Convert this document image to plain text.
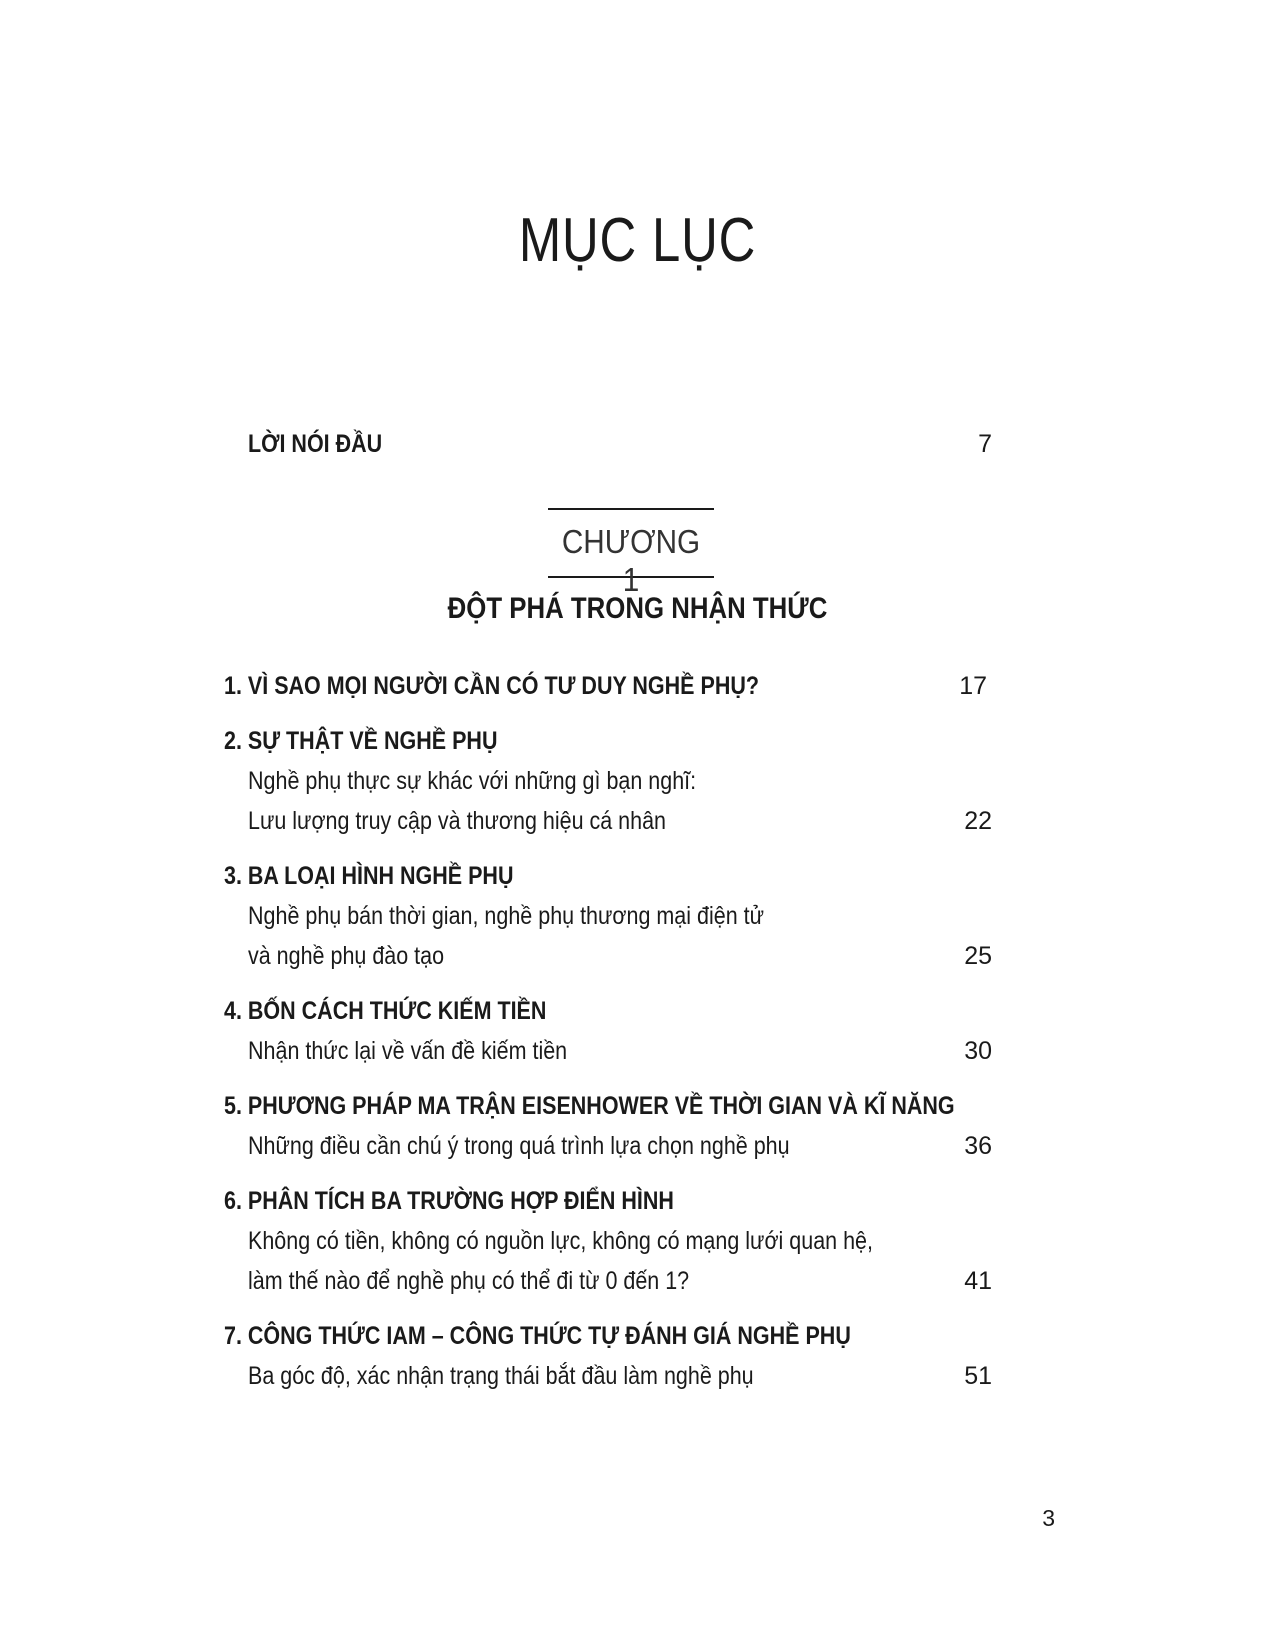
MỤC LỤC
LỜI NÓI ĐẦU	7
CHƯƠNG 1
ĐỘT PHÁ TRONG NHẬN THỨC
1. VÌ SAO MỌI NGƯỜI CẦN CÓ TƯ DUY NGHỀ PHỤ?	17
2. SỰ THẬT VỀ NGHỀ PHỤ
Nghề phụ thực sự khác với những gì bạn nghĩ:
Lưu lượng truy cập và thương hiệu cá nhân	22
3. BA LOẠI HÌNH NGHỀ PHỤ
Nghề phụ bán thời gian, nghề phụ thương mại điện tử
và nghề phụ đào tạo	25
4. BỐN CÁCH THỨC KIẾM TIỀN
Nhận thức lại về vấn đề kiếm tiền	30
5. PHƯƠNG PHÁP MA TRẬN EISENHOWER VỀ THỜI GIAN VÀ KĨ NĂNG
Những điều cần chú ý trong quá trình lựa chọn nghề phụ	36
6. PHÂN TÍCH BA TRƯỜNG HỢP ĐIỂN HÌNH
Không có tiền, không có nguồn lực, không có mạng lưới quan hệ,
làm thế nào để nghề phụ có thể đi từ 0 đến 1?	41
7. CÔNG THỨC IAM – CÔNG THỨC TỰ ĐÁNH GIÁ NGHỀ PHỤ
Ba góc độ, xác nhận trạng thái bắt đầu làm nghề phụ	51
3
